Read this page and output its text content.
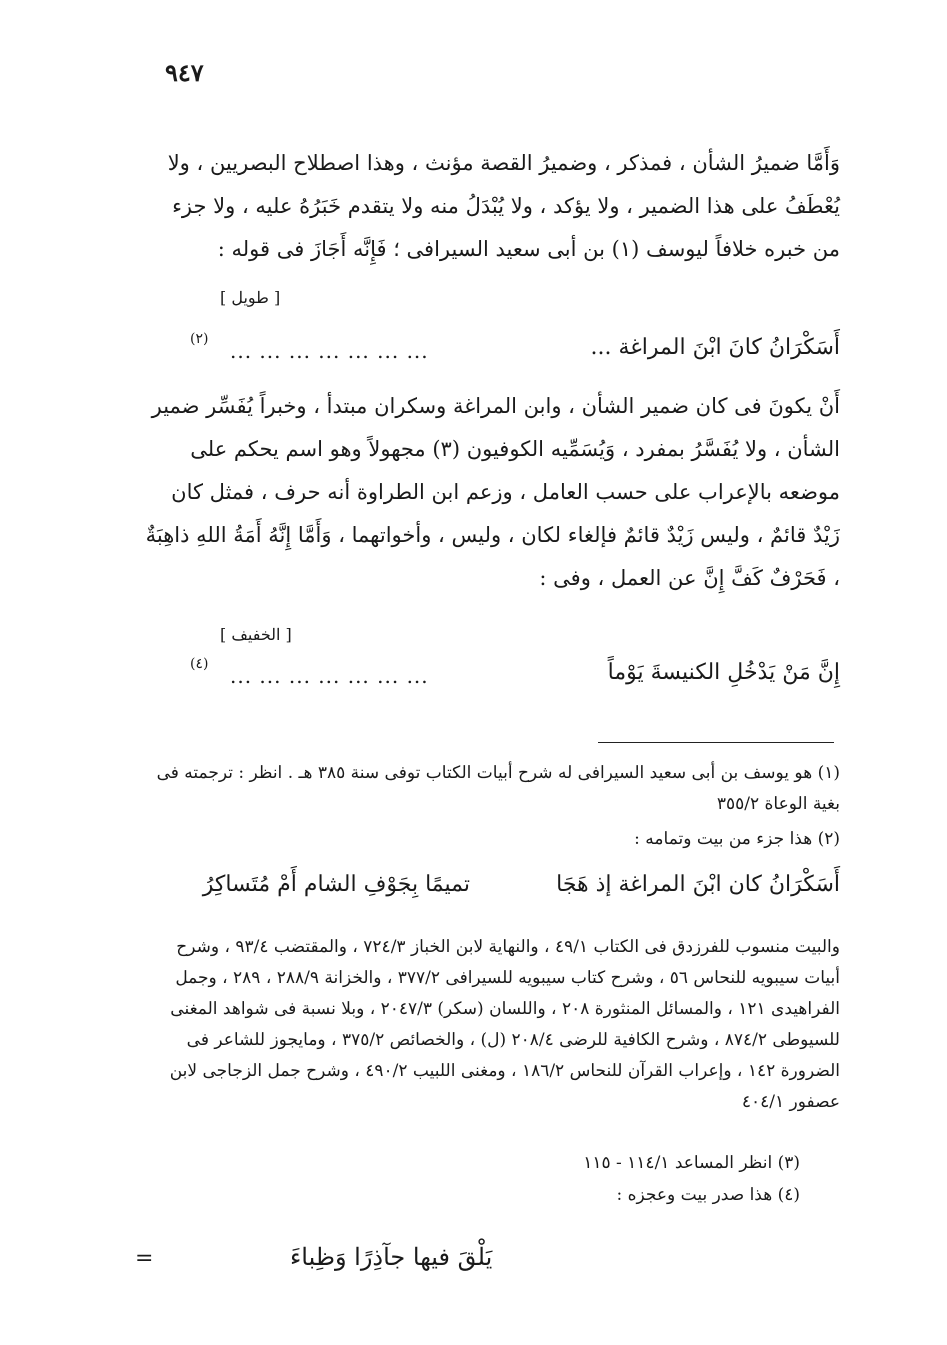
٩٤٧
وَأَمَّا ضميرُ الشأن ، فمذكر ، وضميرُ القصة مؤنث ، وهذا اصطلاح البصريين ، ولا يُعْطَفُ على هذا الضمير ، ولا يؤكد ، ولا يُبْدَلُ منه ولا يتقدم خَبَرُهُ عليه ، ولا جزء من خبره خلافاً ليوسف (١) بن أبى سعيد السيرافى ؛ فَإِنَّه أَجَازَ فى قوله :
[ طويل ]
أَسَكْرَانُ كانَ ابْنَ المراغة ...
... ... ... ... ... ... ...
(٢)
أَنْ يكونَ فى كان ضمير الشأن ، وابن المراغة وسكران مبتدأ ، وخبراً يُفَسِّر ضمير الشأن ، ولا يُفَسَّرُ بمفرد ، وَيُسَمِّيه الكوفيون (٣) مجهولاً وهو اسم يحكم على موضعه بالإعراب على حسب العامل ، وزعم ابن الطراوة أنه حرف ، فمثل كان زَيْدٌ قائمٌ ، وليس زَيْدٌ قائمٌ فإلغاء لكان ، وليس ، وأخواتهما ، وَأَمَّا إِنَّهُ أَمَةُ اللهِ ذاهِبَةٌ ، فَحَرْفٌ كَفَّ إِنَّ عن العمل ، وفى :
[ الخفيف ]
إِنَّ مَنْ يَدْخُلِ الكنيسةَ يَوْماً
... ... ... ... ... ... ...
(٤)
(١) هو يوسف بن أبى سعيد السيرافى له شرح أبيات الكتاب توفى سنة ٣٨٥ هـ . انظر : ترجمته فى بغية الوعاة ٣٥٥/٢
(٢) هذا جزء من بيت وتمامه :
أَسَكْرَانُ كان ابْنَ المراغة إذ هَجَا
تميمًا بِجَوْفِ الشام أَمْ مُتَساكِرُ
والبيت منسوب للفرزدق فى الكتاب ٤٩/١ ، والنهاية لابن الخباز ٧٢٤/٣ ، والمقتضب ٩٣/٤ ، وشرح أبيات سيبويه للنحاس ٥٦ ، وشرح كتاب سيبويه للسيرافى ٣٧٧/٢ ، والخزانة ٢٨٨/٩ ، ٢٨٩ ، وجمل الفراهيدى ١٢١ ، والمسائل المنثورة ٢٠٨ ، واللسان (سكر) ٢٠٤٧/٣ ، وبلا نسبة فى شواهد المغنى للسيوطى ٨٧٤/٢ ، وشرح الكافية للرضى ٢٠٨/٤ (ل) ، والخصائص ٣٧٥/٢ ، ومايجوز للشاعر فى الضرورة ١٤٢ ، وإعراب القرآن للنحاس ١٨٦/٢ ، ومغنى اللبيب ٤٩٠/٢ ، وشرح جمل الزجاجى لابن عصفور ٤٠٤/١
(٣) انظر المساعد ١١٤/١ - ١١٥
(٤) هذا صدر بيت وعجزه :
يَلْقَ فيها جآذِرًا وَظِباءَ
=
